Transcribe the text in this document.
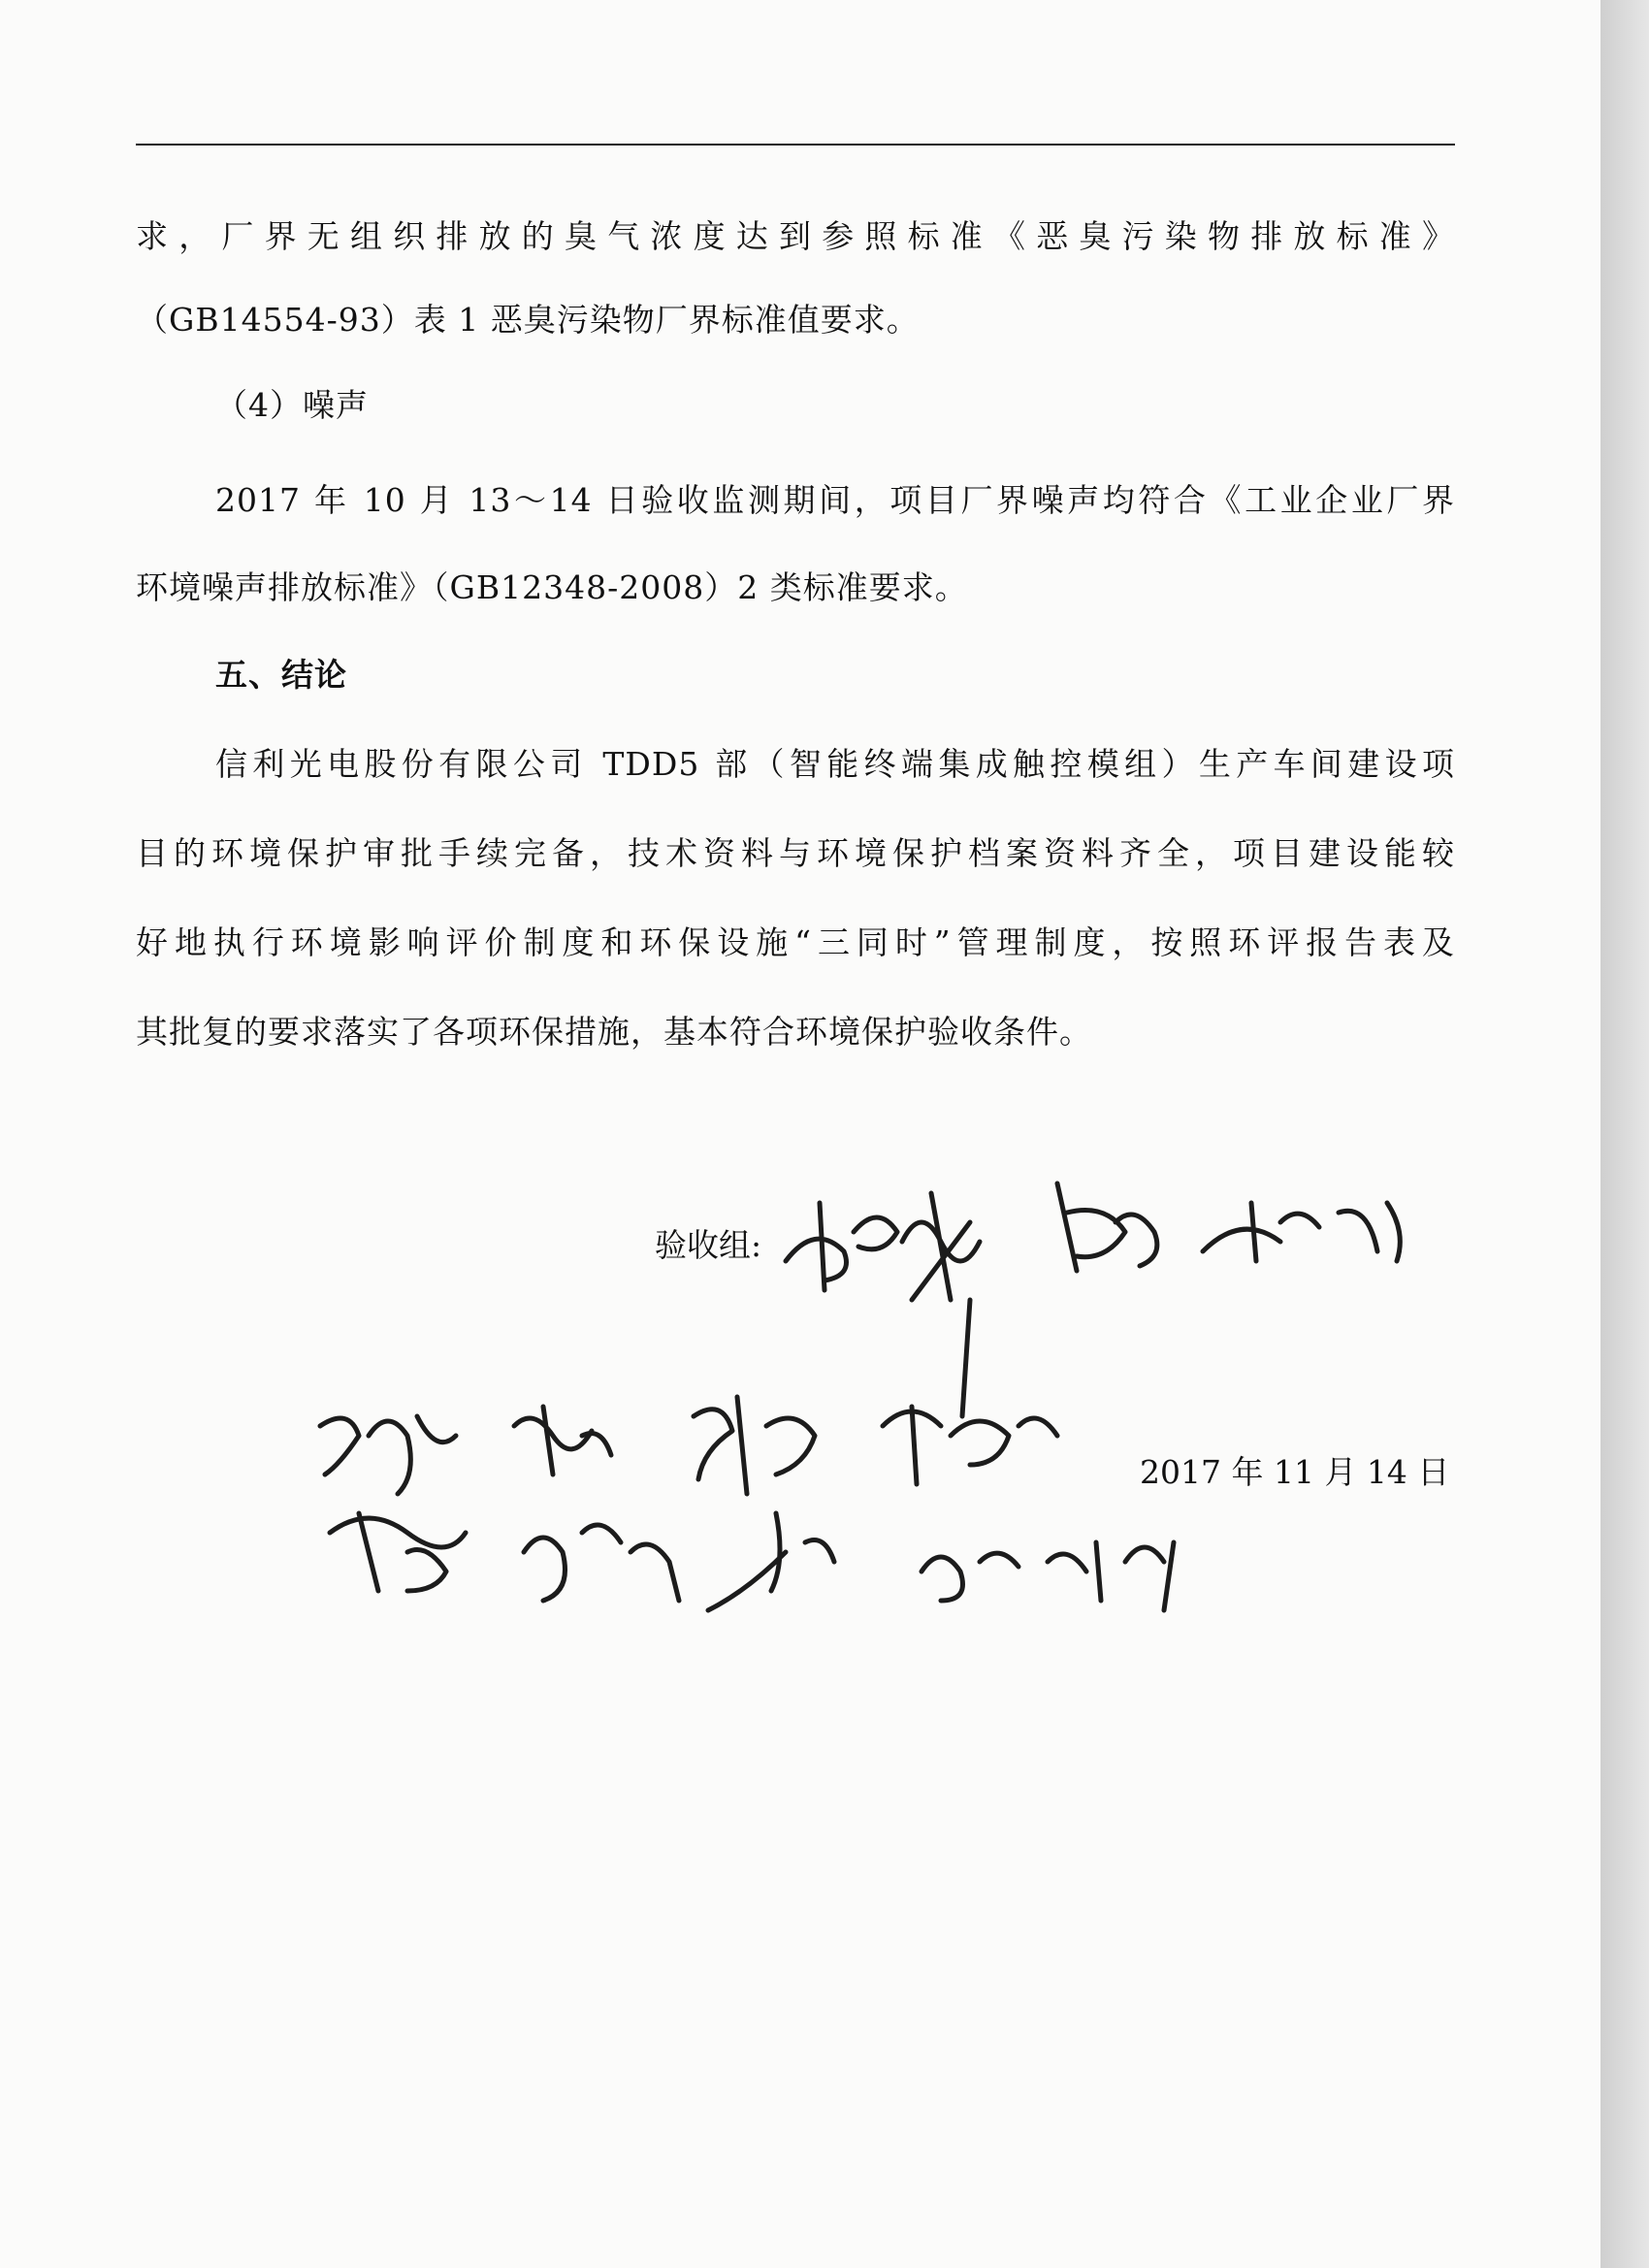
求，厂界无组织排放的臭气浓度达到参照标准《恶臭污染物排放标准》
（GB14554-93）表 1 恶臭污染物厂界标准值要求。
（4）噪声
2017 年 10 月 13～14 日验收监测期间，项目厂界噪声均符合《工业企业厂界
环境噪声排放标准》（GB12348-2008）2 类标准要求。
五、结论
信利光电股份有限公司 TDD5 部（智能终端集成触控模组）生产车间建设项
目的环境保护审批手续完备，技术资料与环境保护档案资料齐全，项目建设能较
好地执行环境影响评价制度和环保设施“三同时”管理制度，按照环评报告表及
其批复的要求落实了各项环保措施，基本符合环境保护验收条件。
验收组:
2017 年 11 月 14 日
